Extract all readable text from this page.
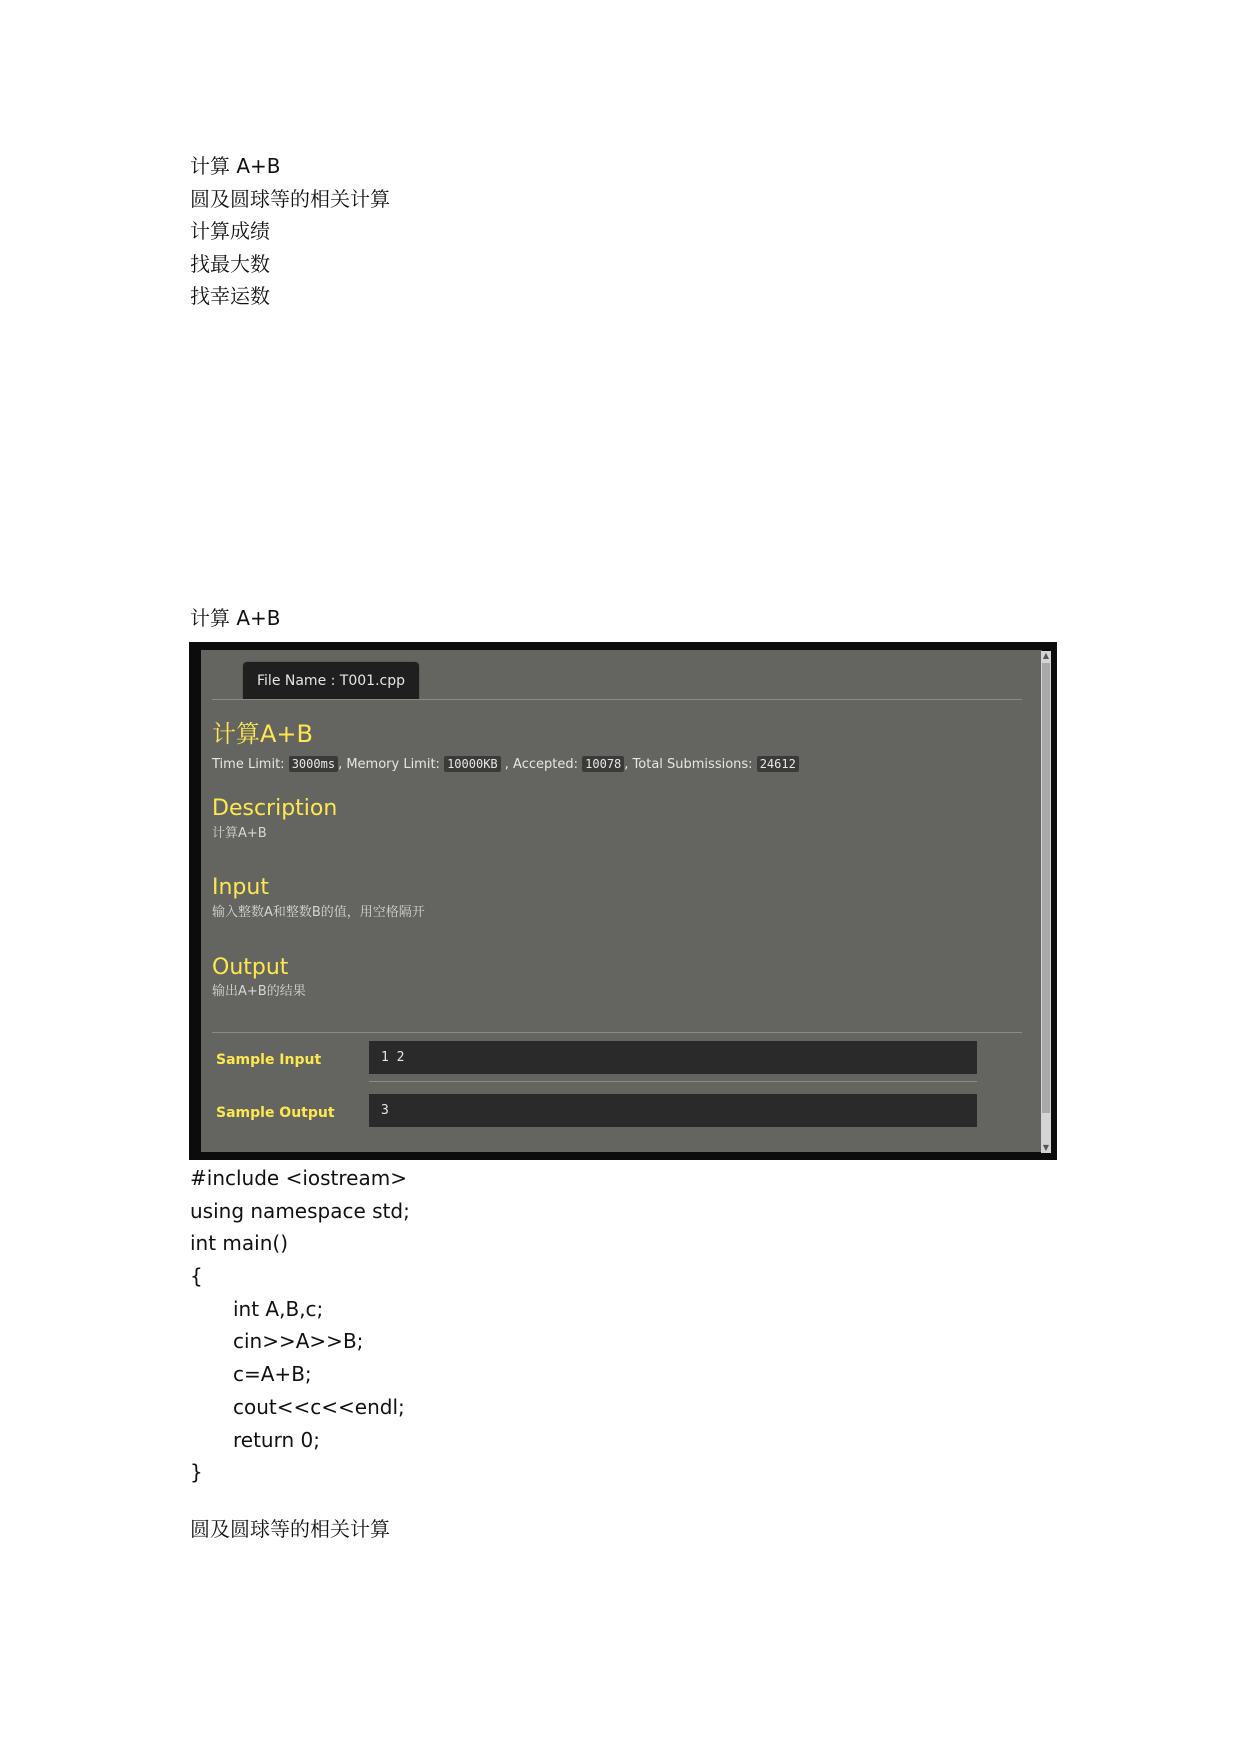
计算 A+B
圆及圆球等的相关计算
计算成绩
找最大数
找幸运数
计算 A+B
File Name : T001.cpp
计算A+B
Time Limit: 3000ms , Memory Limit: 10000KB , Accepted: 10078 , Total Submissions: 24612
Description
计算A+B
Input
输入整数A和整数B的值，用空格隔开
Output
输出A+B的结果
Sample Input	1 2
Sample Output	3
▲
▼
#include <iostream>
using namespace std;
int main()
{
int A,B,c;
cin>>A>>B;
c=A+B;
cout<<c<<endl;
return 0;
}
圆及圆球等的相关计算
